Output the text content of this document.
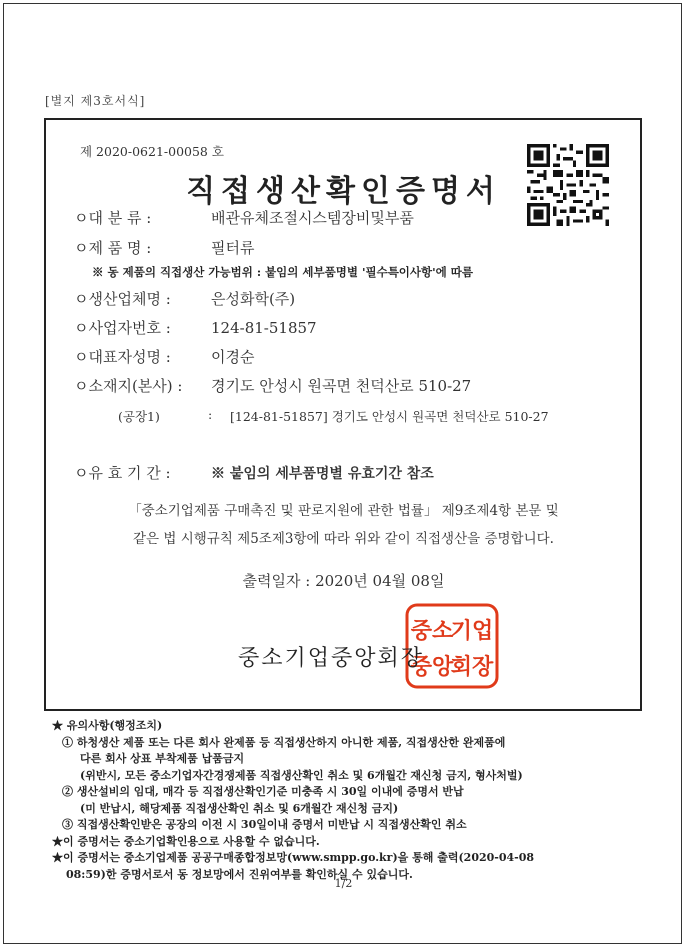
[별지 제3호서식]
제 2020-0621-00058 호
직접생산확인증명서
ㅇ대 분 류 :	배관유체조절시스템장비및부품
ㅇ제 품 명 :	필터류
※ 동 제품의 직접생산 가능범위 : 붙임의 세부품명별 '필수특이사항'에 따름
ㅇ생산업체명 :	은성화학(주)
ㅇ사업자번호 :	124-81-51857
ㅇ대표자성명 :	이경순
ㅇ소재지(본사) : 경기도 안성시 원곡면 천덕산로 510-27
(공장1)	: [124-81-51857] 경기도 안성시 원곡면 천덕산로 510-27
ㅇ유 효 기 간 :	※ 붙임의 세부품명별 유효기간 참조
「중소기업제품 구매촉진 및 판로지원에 관한 법률」 제9조제4항 본문 및
같은 법 시행규칙 제5조제3항에 따라 위와 같이 직접생산을 증명합니다.
출력일자 : 2020년 04월 08일
중소
기업
중앙
회장
중소기업중앙회장
★ 유의사항(행정조치)
① 하청생산 제품 또는 다른 회사 완제품 등 직접생산하지 아니한 제품, 직접생산한 완제품에
다른 회사 상표 부착제품 납품금지
(위반시, 모든 중소기업자간경쟁제품 직접생산확인 취소 및 6개월간 재신청 금지, 형사처벌)
② 생산설비의 임대, 매각 등 직접생산확인기준 미충족 시 30일 이내에 증명서 반납
(미 반납시, 해당제품 직접생산확인 취소 및 6개월간 재신청 금지)
③ 직접생산확인받은 공장의 이전 시 30일이내 증명서 미반납 시 직접생산확인 취소
★이 증명서는 중소기업확인용으로 사용할 수 없습니다.
★이 증명서는 중소기업제품 공공구매종합정보망(www.smpp.go.kr)을 통해 출력(2020-04-08
08:59)한 증명서로서 동 정보망에서 진위여부를 확인하실 수 있습니다.
1/2
